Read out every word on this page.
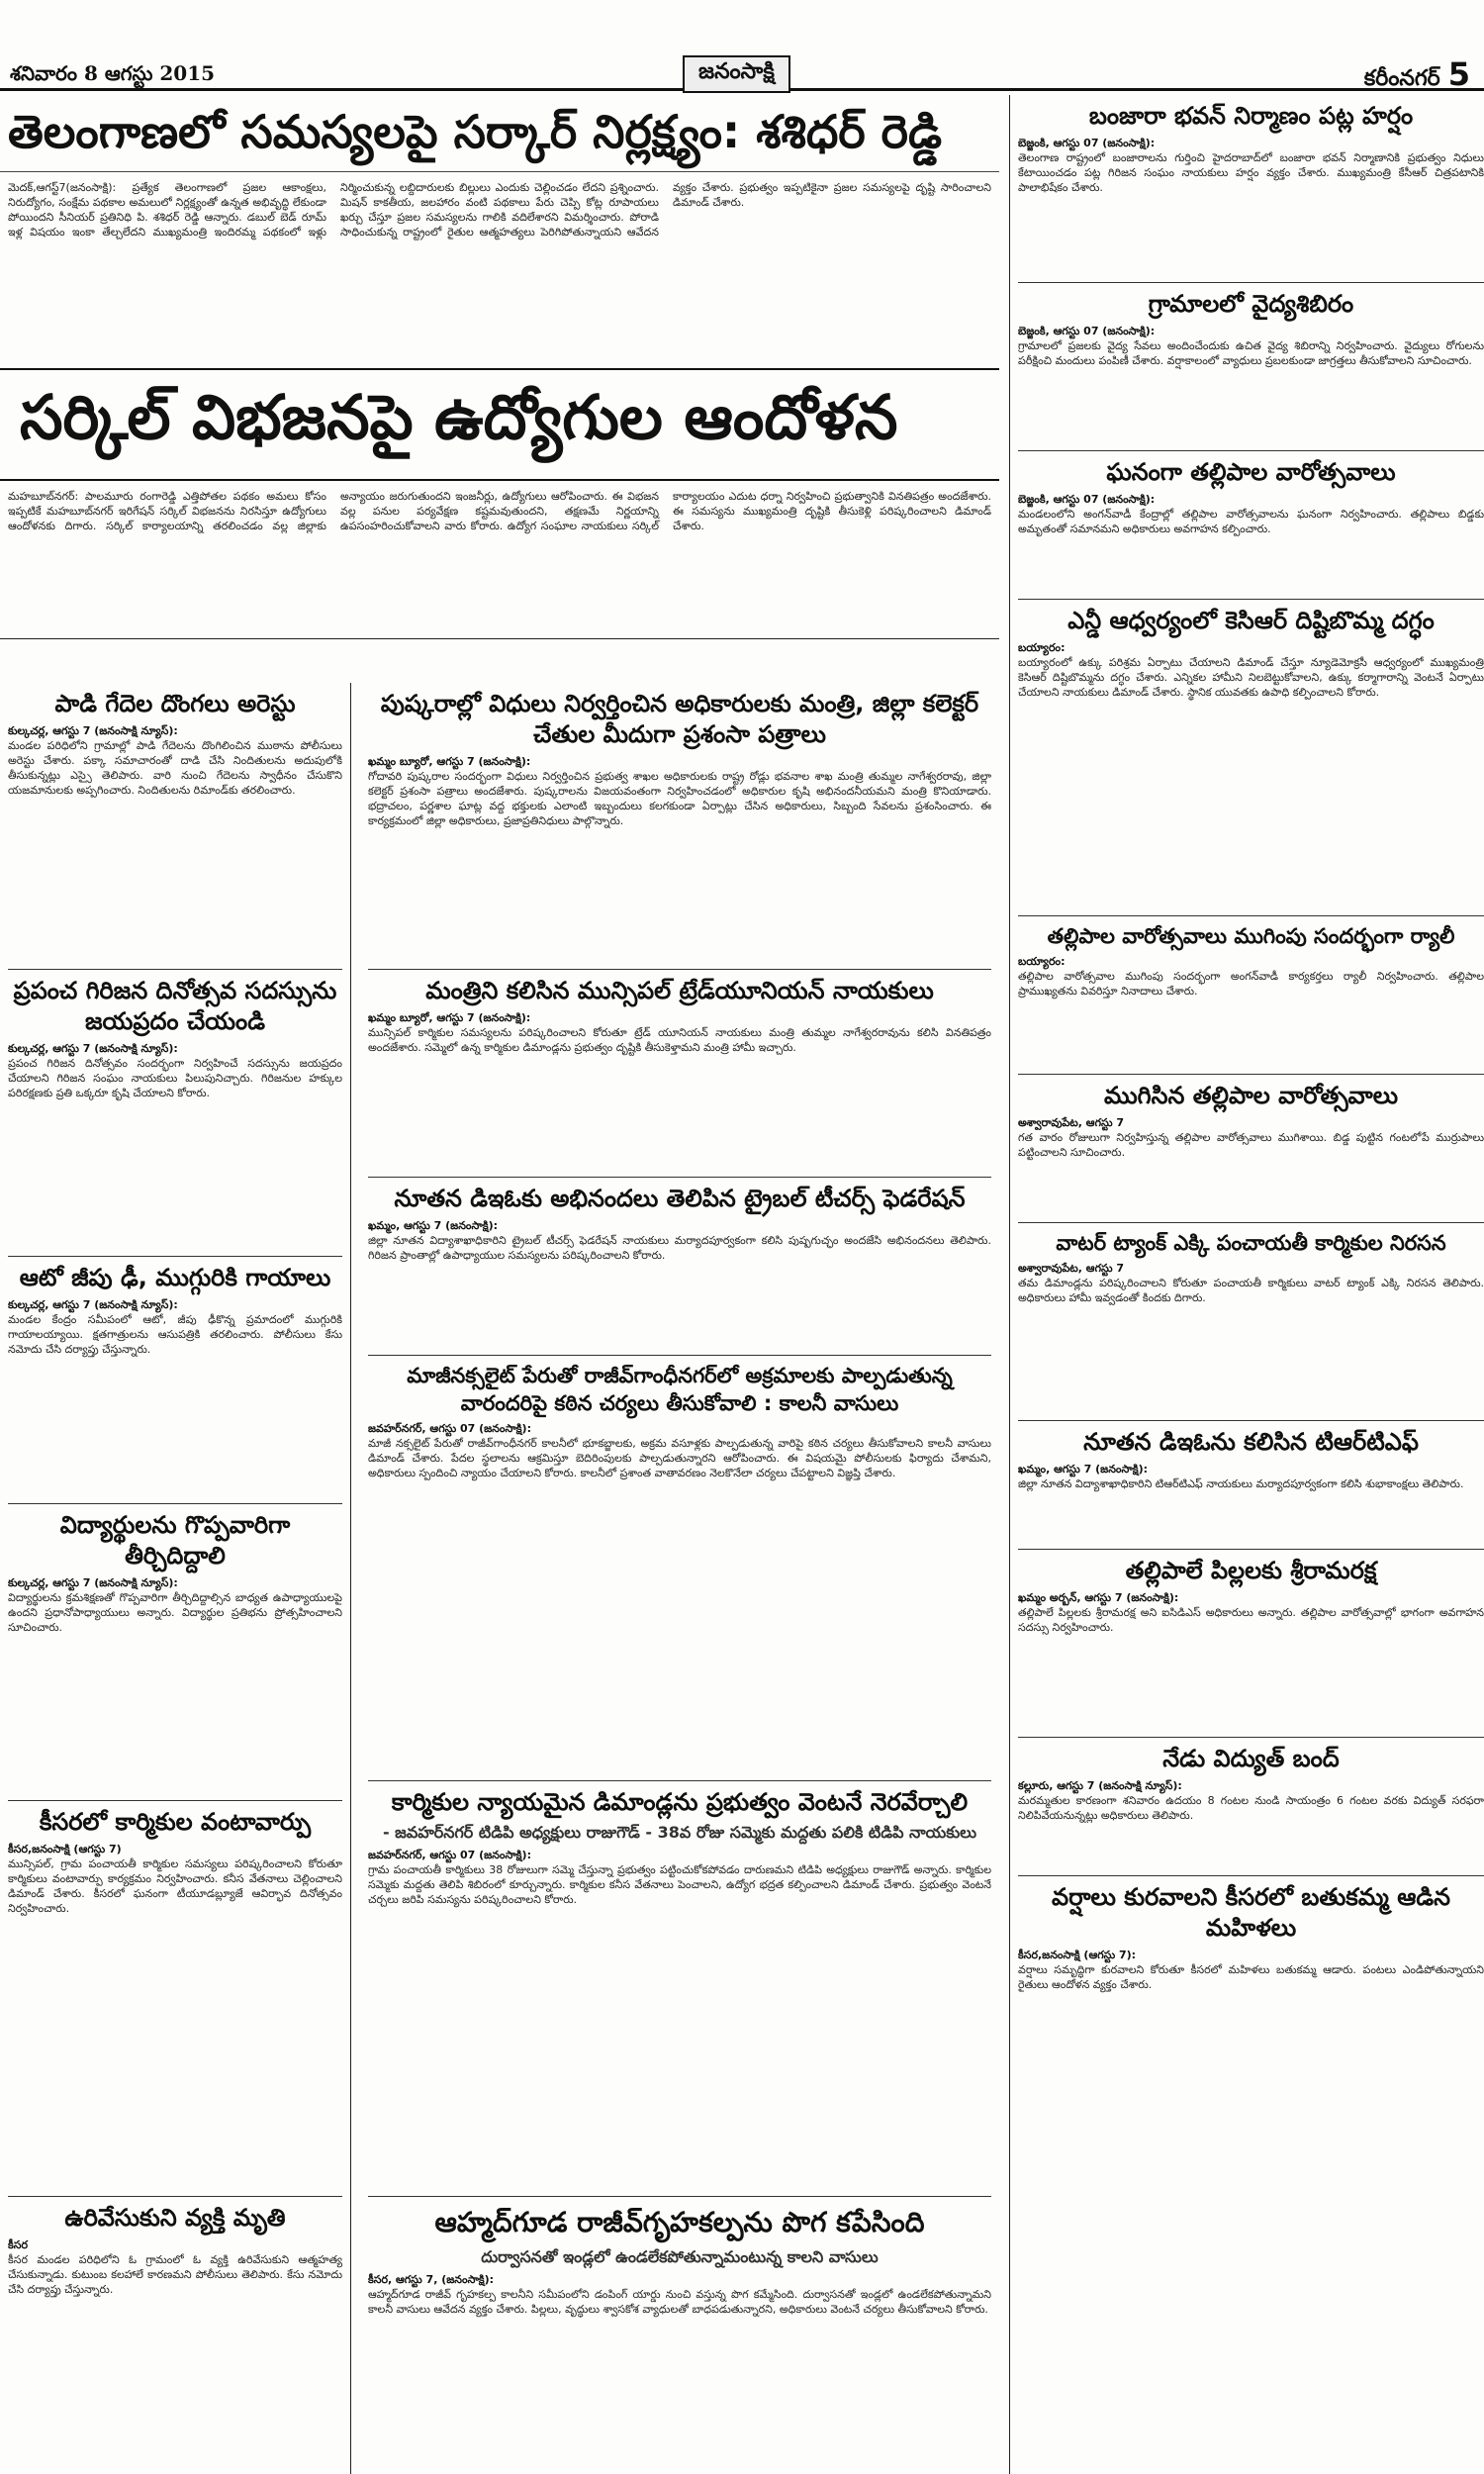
శనివారం 8 ఆగస్టు 2015	జనంసాక్షి	కరీంనగర్ 5
తెలంగాణలో సమస్యలపై సర్కార్ నిర్లక్ష్యం: శశిధర్ రెడ్డి
మెదక్,ఆగస్ట్7(జనంసాక్షి): ప్రత్యేక తెలంగాణలో ప్రజల ఆకాంక్షలు, నిరుద్యోగం, సంక్షేమ పథకాల అమలులో నిర్లక్ష్యంతో ఉన్నత అభివృద్ధి లేకుండా పోయిందని సీనియర్ ప్రతినిధి పి. శశిధర్ రెడ్డి ఆన్నారు. డబుల్ బెడ్ రూమ్ ఇళ్ల విషయం ఇంకా తేల్చలేదని ముఖ్యమంత్రి ఇందిరమ్మ పథకంలో ఇళ్లు నిర్మించుకున్న లబ్దిదారులకు బిల్లులు ఎందుకు చెల్లించడం లేదని ప్రశ్నించారు. మిషన్ కాకతీయ, జలహారం వంటి పథకాలు పేరు చెప్పి కోట్ల రూపాయలు ఖర్చు చేస్తూ ప్రజల సమస్యలను గాలికి వదిలేశారని విమర్శించారు. పోరాడి సాధించుకున్న రాష్ట్రంలో రైతుల ఆత్మహత్యలు పెరిగిపోతున్నాయని ఆవేదన వ్యక్తం చేశారు. ప్రభుత్వం ఇప్పటికైనా ప్రజల సమస్యలపై దృష్టి సారించాలని డిమాండ్ చేశారు.
సర్కిల్ విభజనపై ఉద్యోగుల ఆందోళన
మహబూబ్‌నగర్: పాలమూరు రంగారెడ్డి ఎత్తిపోతల పథకం అమలు కోసం ఇప్పటికే మహబూబ్‌నగర్ ఇరిగేషన్ సర్కిల్ విభజనను నిరసిస్తూ ఉద్యోగులు ఆందోళనకు దిగారు. సర్కిల్ కార్యాలయాన్ని తరలించడం వల్ల జిల్లాకు అన్యాయం జరుగుతుందని ఇంజనీర్లు, ఉద్యోగులు ఆరోపించారు. ఈ విభజన వల్ల పనుల పర్యవేక్షణ కష్టమవుతుందని, తక్షణమే నిర్ణయాన్ని ఉపసంహరించుకోవాలని వారు కోరారు. ఉద్యోగ సంఘాల నాయకులు సర్కిల్ కార్యాలయం ఎదుట ధర్నా నిర్వహించి ప్రభుత్వానికి వినతిపత్రం అందజేశారు. ఈ సమస్యను ముఖ్యమంత్రి దృష్టికి తీసుకెళ్లి పరిష్కరించాలని డిమాండ్ చేశారు.
పాడి గేదెల దొంగలు అరెస్టు

కుల్కచర్ల, ఆగస్టు 7 (జనంసాక్షి న్యూస్):

మండల పరిధిలోని గ్రామాల్లో పాడి గేదెలను దొంగిలించిన ముఠాను పోలీసులు అరెస్టు చేశారు. పక్కా సమాచారంతో దాడి చేసి నిందితులను అదుపులోకి తీసుకున్నట్లు ఎస్సై తెలిపారు. వారి నుంచి గేదెలను స్వాధీనం చేసుకొని యజమానులకు అప్పగించారు. నిందితులను రిమాండ్‌కు తరలించారు.

ప్రపంచ గిరిజన దినోత్సవ సదస్సును జయప్రదం చేయండి

కుల్కచర్ల, ఆగస్టు 7 (జనంసాక్షి న్యూస్):

ప్రపంచ గిరిజన దినోత్సవం సందర్భంగా నిర్వహించే సదస్సును జయప్రదం చేయాలని గిరిజన సంఘం నాయకులు పిలుపునిచ్చారు. గిరిజనుల హక్కుల పరిరక్షణకు ప్రతి ఒక్కరూ కృషి చేయాలని కోరారు.

ఆటో జీపు ఢీ, ముగ్గురికి గాయాలు

కుల్కచర్ల, ఆగస్టు 7 (జనంసాక్షి న్యూస్):

మండల కేంద్రం సమీపంలో ఆటో, జీపు ఢీకొన్న ప్రమాదంలో ముగ్గురికి గాయాలయ్యాయి. క్షతగాత్రులను ఆసుపత్రికి తరలించారు. పోలీసులు కేసు నమోదు చేసి దర్యాప్తు చేస్తున్నారు.

విద్యార్థులను గొప్పవారిగా తీర్చిదిద్దాలి

కుల్కచర్ల, ఆగస్టు 7 (జనంసాక్షి న్యూస్):

విద్యార్థులను క్రమశిక్షణతో గొప్పవారిగా తీర్చిదిద్దాల్సిన బాధ్యత ఉపాధ్యాయులపై ఉందని ప్రధానోపాధ్యాయులు అన్నారు. విద్యార్థుల ప్రతిభను ప్రోత్సహించాలని సూచించారు.

కీసరలో కార్మికుల వంటావార్పు

కీసర,జనంసాక్షి (ఆగస్టు 7)

మున్సిపల్, గ్రామ పంచాయతీ కార్మికుల సమస్యలు పరిష్కరించాలని కోరుతూ కార్మికులు వంటావార్పు కార్యక్రమం నిర్వహించారు. కనీస వేతనాలు చెల్లించాలని డిమాండ్ చేశారు. కీసరలో ఘనంగా టీయూడబ్ల్యూజే ఆవిర్భావ దినోత్సవం నిర్వహించారు.

ఉరివేసుకుని వ్యక్తి మృతి

కీసర

కీసర మండల పరిధిలోని ఓ గ్రామంలో ఓ వ్యక్తి ఉరివేసుకుని ఆత్మహత్య చేసుకున్నాడు. కుటుంబ కలహాలే కారణమని పోలీసులు తెలిపారు. కేసు నమోదు చేసి దర్యాప్తు చేస్తున్నారు.

పుష్కరాల్లో విధులు నిర్వర్తించిన అధికారులకు మంత్రి, జిల్లా కలెక్టర్ చేతుల మీదుగా ప్రశంసా పత్రాలు

ఖమ్మం బ్యూరో, ఆగస్టు 7 (జనంసాక్షి):

గోదావరి పుష్కరాల సందర్భంగా విధులు నిర్వర్తించిన ప్రభుత్వ శాఖల అధికారులకు రాష్ట్ర రోడ్లు భవనాల శాఖ మంత్రి తుమ్మల నాగేశ్వరరావు, జిల్లా కలెక్టర్ ప్రశంసా పత్రాలు అందజేశారు. పుష్కరాలను విజయవంతంగా నిర్వహించడంలో అధికారుల కృషి అభినందనీయమని మంత్రి కొనియాడారు. భద్రాచలం, పర్ణశాల ఘాట్ల వద్ద భక్తులకు ఎలాంటి ఇబ్బందులు కలగకుండా ఏర్పాట్లు చేసిన అధికారులు, సిబ్బంది సేవలను ప్రశంసించారు. ఈ కార్యక్రమంలో జిల్లా అధికారులు, ప్రజాప్రతినిధులు పాల్గొన్నారు.

మంత్రిని కలిసిన మున్సిపల్ ట్రేడ్‌యూనియన్ నాయకులు

ఖమ్మం బ్యూరో, ఆగస్టు 7 (జనంసాక్షి):

మున్సిపల్ కార్మికుల సమస్యలను పరిష్కరించాలని కోరుతూ ట్రేడ్ యూనియన్ నాయకులు మంత్రి తుమ్మల నాగేశ్వరరావును కలిసి వినతిపత్రం అందజేశారు. సమ్మెలో ఉన్న కార్మికుల డిమాండ్లను ప్రభుత్వం దృష్టికి తీసుకెళ్తామని మంత్రి హామీ ఇచ్చారు.

నూతన డిఇఓకు అభినందలు తెలిపిన ట్రైబల్ టీచర్స్ ఫెడరేషన్

ఖమ్మం, ఆగస్టు 7 (జనంసాక్షి):

జిల్లా నూతన విద్యాశాఖాధికారిని ట్రైబల్ టీచర్స్ ఫెడరేషన్ నాయకులు మర్యాదపూర్వకంగా కలిసి పుష్పగుచ్ఛం అందజేసి అభినందనలు తెలిపారు. గిరిజన ప్రాంతాల్లో ఉపాధ్యాయుల సమస్యలను పరిష్కరించాలని కోరారు.

మాజీనక్సలైట్ పేరుతో రాజీవ్‌గాంధీనగర్‌లో అక్రమాలకు పాల్పడుతున్న వారందరిపై కఠిన చర్యలు తీసుకోవాలి : కాలనీ వాసులు

జవహర్‌నగర్, ఆగస్టు 07 (జనంసాక్షి):

మాజీ నక్సలైట్ పేరుతో రాజీవ్‌గాంధీనగర్ కాలనీలో భూకబ్జాలకు, అక్రమ వసూళ్లకు పాల్పడుతున్న వారిపై కఠిన చర్యలు తీసుకోవాలని కాలనీ వాసులు డిమాండ్ చేశారు. పేదల స్థలాలను ఆక్రమిస్తూ బెదిరింపులకు పాల్పడుతున్నారని ఆరోపించారు. ఈ విషయమై పోలీసులకు ఫిర్యాదు చేశామని, అధికారులు స్పందించి న్యాయం చేయాలని కోరారు. కాలనీలో ప్రశాంత వాతావరణం నెలకొనేలా చర్యలు చేపట్టాలని విజ్ఞప్తి చేశారు.

కార్మికుల న్యాయమైన డిమాండ్లను ప్రభుత్వం వెంటనే నెరవేర్చాలి

- జవహర్‌నగర్ టిడిపి అధ్యక్షులు రాజుగౌడ్ - 38వ రోజు సమ్మెకు మద్దతు పలికి టిడిపి నాయకులు

జవహర్‌నగర్, ఆగస్టు 07 (జనంసాక్షి):

గ్రామ పంచాయతీ కార్మికులు 38 రోజులుగా సమ్మె చేస్తున్నా ప్రభుత్వం పట్టించుకోకపోవడం దారుణమని టిడిపి అధ్యక్షులు రాజుగౌడ్ అన్నారు. కార్మికుల సమ్మెకు మద్దతు తెలిపి శిబిరంలో కూర్చున్నారు. కార్మికుల కనీస వేతనాలు పెంచాలని, ఉద్యోగ భద్రత కల్పించాలని డిమాండ్ చేశారు. ప్రభుత్వం వెంటనే చర్చలు జరిపి సమస్యను పరిష్కరించాలని కోరారు.

ఆహ్మద్‌గూడ రాజీవ్‌గృహకల్పను పొగ కపేసింది

దుర్వాసనతో ఇండ్లలో ఉండలేకపోతున్నామంటున్న కాలని వాసులు

కీసర, ఆగస్టు 7, (జనంసాక్షి):

ఆహ్మద్‌గూడ రాజీవ్ గృహకల్ప కాలనీని సమీపంలోని డంపింగ్ యార్డు నుంచి వస్తున్న పొగ కమ్మేసింది. దుర్వాసనతో ఇండ్లలో ఉండలేకపోతున్నామని కాలనీ వాసులు ఆవేదన వ్యక్తం చేశారు. పిల్లలు, వృద్ధులు శ్వాసకోశ వ్యాధులతో బాధపడుతున్నారని, అధికారులు వెంటనే చర్యలు తీసుకోవాలని కోరారు.

బంజారా భవన్ నిర్మాణం పట్ల హర్షం

బెజ్జంకి, ఆగస్టు 07 (జనంసాక్షి):

తెలంగాణ రాష్ట్రంలో బంజారాలను గుర్తించి హైదరాబాద్‌లో బంజారా భవన్ నిర్మాణానికి ప్రభుత్వం నిధులు కేటాయించడం పట్ల గిరిజన సంఘం నాయకులు హర్షం వ్యక్తం చేశారు. ముఖ్యమంత్రి కేసీఆర్ చిత్రపటానికి పాలాభిషేకం చేశారు.

గ్రామాలలో వైద్యశిబిరం

బెజ్జంకి, ఆగస్టు 07 (జనంసాక్షి):

గ్రామాలలో ప్రజలకు వైద్య సేవలు అందించేందుకు ఉచిత వైద్య శిబిరాన్ని నిర్వహించారు. వైద్యులు రోగులను పరీక్షించి మందులు పంపిణీ చేశారు. వర్షాకాలంలో వ్యాధులు ప్రబలకుండా జాగ్రత్తలు తీసుకోవాలని సూచించారు.

ఘనంగా తల్లిపాల వారోత్సవాలు

బెజ్జంకి, ఆగస్టు 07 (జనంసాక్షి):

మండలంలోని అంగన్‌వాడీ కేంద్రాల్లో తల్లిపాల వారోత్సవాలను ఘనంగా నిర్వహించారు. తల్లిపాలు బిడ్డకు అమృతంతో సమానమని అధికారులు అవగాహన కల్పించారు.

ఎన్డీ ఆధ్వర్యంలో కెసిఆర్ దిష్టిబొమ్మ దగ్ధం

బయ్యారం:

బయ్యారంలో ఉక్కు పరిశ్రమ ఏర్పాటు చేయాలని డిమాండ్ చేస్తూ న్యూడెమోక్రసీ ఆధ్వర్యంలో ముఖ్యమంత్రి కెసిఆర్ దిష్టిబొమ్మను దగ్ధం చేశారు. ఎన్నికల హామీని నిలబెట్టుకోవాలని, ఉక్కు కర్మాగారాన్ని వెంటనే ఏర్పాటు చేయాలని నాయకులు డిమాండ్ చేశారు. స్థానిక యువతకు ఉపాధి కల్పించాలని కోరారు.

తల్లిపాల వారోత్సవాలు ముగింపు సందర్భంగా ర్యాలీ

బయ్యారం:

తల్లిపాల వారోత్సవాల ముగింపు సందర్భంగా అంగన్‌వాడీ కార్యకర్తలు ర్యాలీ నిర్వహించారు. తల్లిపాల ప్రాముఖ్యతను వివరిస్తూ నినాదాలు చేశారు.

ముగిసిన తల్లిపాల వారోత్సవాలు

అశ్వారావుపేట, ఆగస్టు 7

గత వారం రోజులుగా నిర్వహిస్తున్న తల్లిపాల వారోత్సవాలు ముగిశాయి. బిడ్డ పుట్టిన గంటలోపే ముర్రుపాలు పట్టించాలని సూచించారు.

వాటర్ ట్యాంక్ ఎక్కి పంచాయతీ కార్మికుల నిరసన

అశ్వారావుపేట, ఆగస్టు 7

తమ డిమాండ్లను పరిష్కరించాలని కోరుతూ పంచాయతీ కార్మికులు వాటర్ ట్యాంక్ ఎక్కి నిరసన తెలిపారు. అధికారులు హామీ ఇవ్వడంతో కిందకు దిగారు.

నూతన డిఇఓను కలిసిన టిఆర్‌టిఎఫ్

ఖమ్మం, ఆగస్టు 7 (జనంసాక్షి):

జిల్లా నూతన విద్యాశాఖాధికారిని టిఆర్‌టిఎఫ్ నాయకులు మర్యాదపూర్వకంగా కలిసి శుభాకాంక్షలు తెలిపారు.

తల్లిపాలే పిల్లలకు శ్రీరామరక్ష

ఖమ్మం అర్బన్, ఆగస్టు 7 (జనంసాక్షి):

తల్లిపాలే పిల్లలకు శ్రీరామరక్ష అని ఐసిడిఎస్ అధికారులు అన్నారు. తల్లిపాల వారోత్సవాల్లో భాగంగా అవగాహన సదస్సు నిర్వహించారు.

నేడు విద్యుత్ బంద్

కల్లూరు, ఆగస్టు 7 (జనంసాక్షి న్యూస్):

మరమ్మతుల కారణంగా శనివారం ఉదయం 8 గంటల నుండి సాయంత్రం 6 గంటల వరకు విద్యుత్ సరఫరా నిలిపివేయనున్నట్లు అధికారులు తెలిపారు.

వర్షాలు కురవాలని కీసరలో బతుకమ్మ ఆడిన మహిళలు

కీసర,జనంసాక్షి (ఆగస్టు 7):

వర్షాలు సమృద్ధిగా కురవాలని కోరుతూ కీసరలో మహిళలు బతుకమ్మ ఆడారు. పంటలు ఎండిపోతున్నాయని రైతులు ఆందోళన వ్యక్తం చేశారు.
